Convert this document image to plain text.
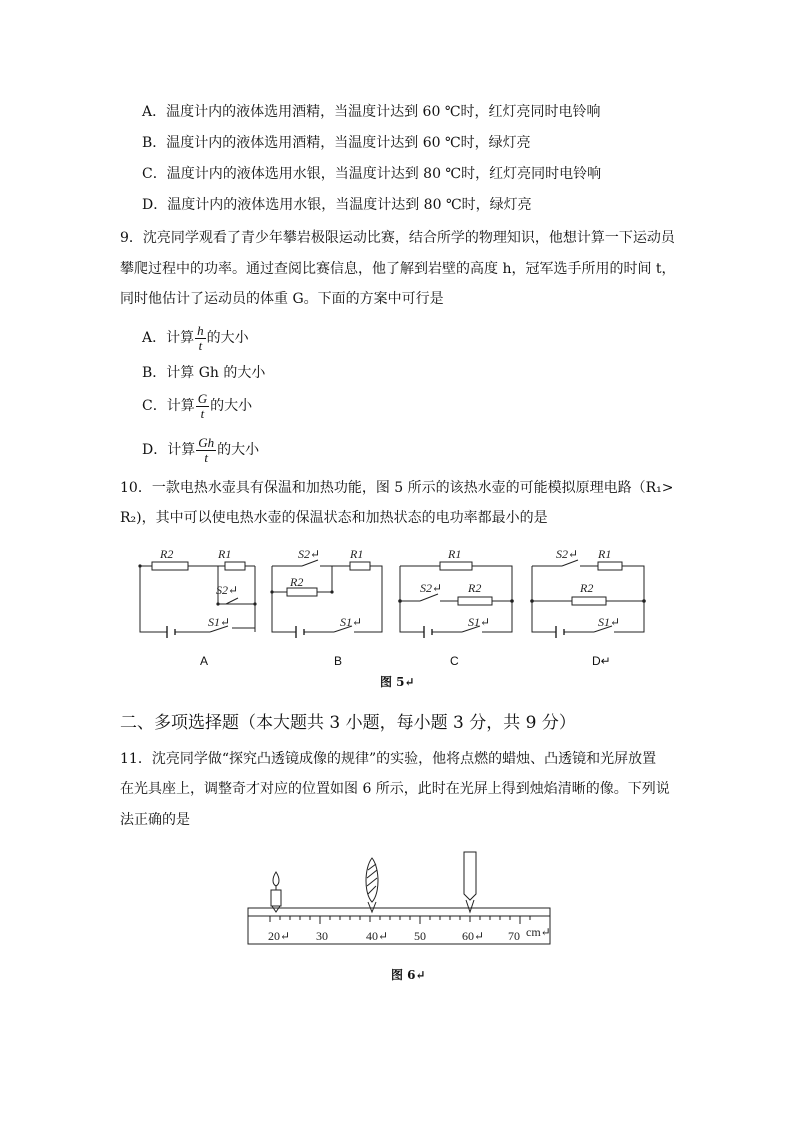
A．温度计内的液体选用酒精，当温度计达到 60 ℃时，红灯亮同时电铃响
B．温度计内的液体选用酒精，当温度计达到 60 ℃时，绿灯亮
C．温度计内的液体选用水银，当温度计达到 80 ℃时，红灯亮同时电铃响
D．温度计内的液体选用水银，当温度计达到 80 ℃时，绿灯亮
9．沈亮同学观看了青少年攀岩极限运动比赛，结合所学的物理知识，他想计算一下运动员
攀爬过程中的功率。通过查阅比赛信息，他了解到岩壁的高度 h，冠军选手所用的时间 t，
同时他估计了运动员的体重 G。下面的方案中可行是
A．计算 $\frac{h}{t}$ 的大小
B．计算 Gh 的大小
C．计算 $\frac{G}{t}$ 的大小
D．计算 $\frac{Gh}{t}$ 的大小
10．一款电热水壶具有保温和加热功能，图 5 所示的该热水壶的可能模拟原理电路（R₁>
R₂)，其中可以使电热水壶的保温状态和加热状态的电功率都最小的是
R2	R1
S2↵
S1↵
S2↵ R1
R2
S1↵
R1
S2↵ R2
S1↵
S2↵ R1
R2
S1↵
A	B	C	D↵
图 5↵
二、多项选择题（本大题共 3 小题，每小题 3 分，共 9 分）
11．沈亮同学做“探究凸透镜成像的规律”的实验，他将点燃的蜡烛、凸透镜和光屏放置
在光具座上，调整奇才对应的位置如图 6 所示，此时在光屏上得到烛焰清晰的像。下列说
法正确的是
20↵ 30	40↵ 50	60↵ 70 cm↵
图 6↵
